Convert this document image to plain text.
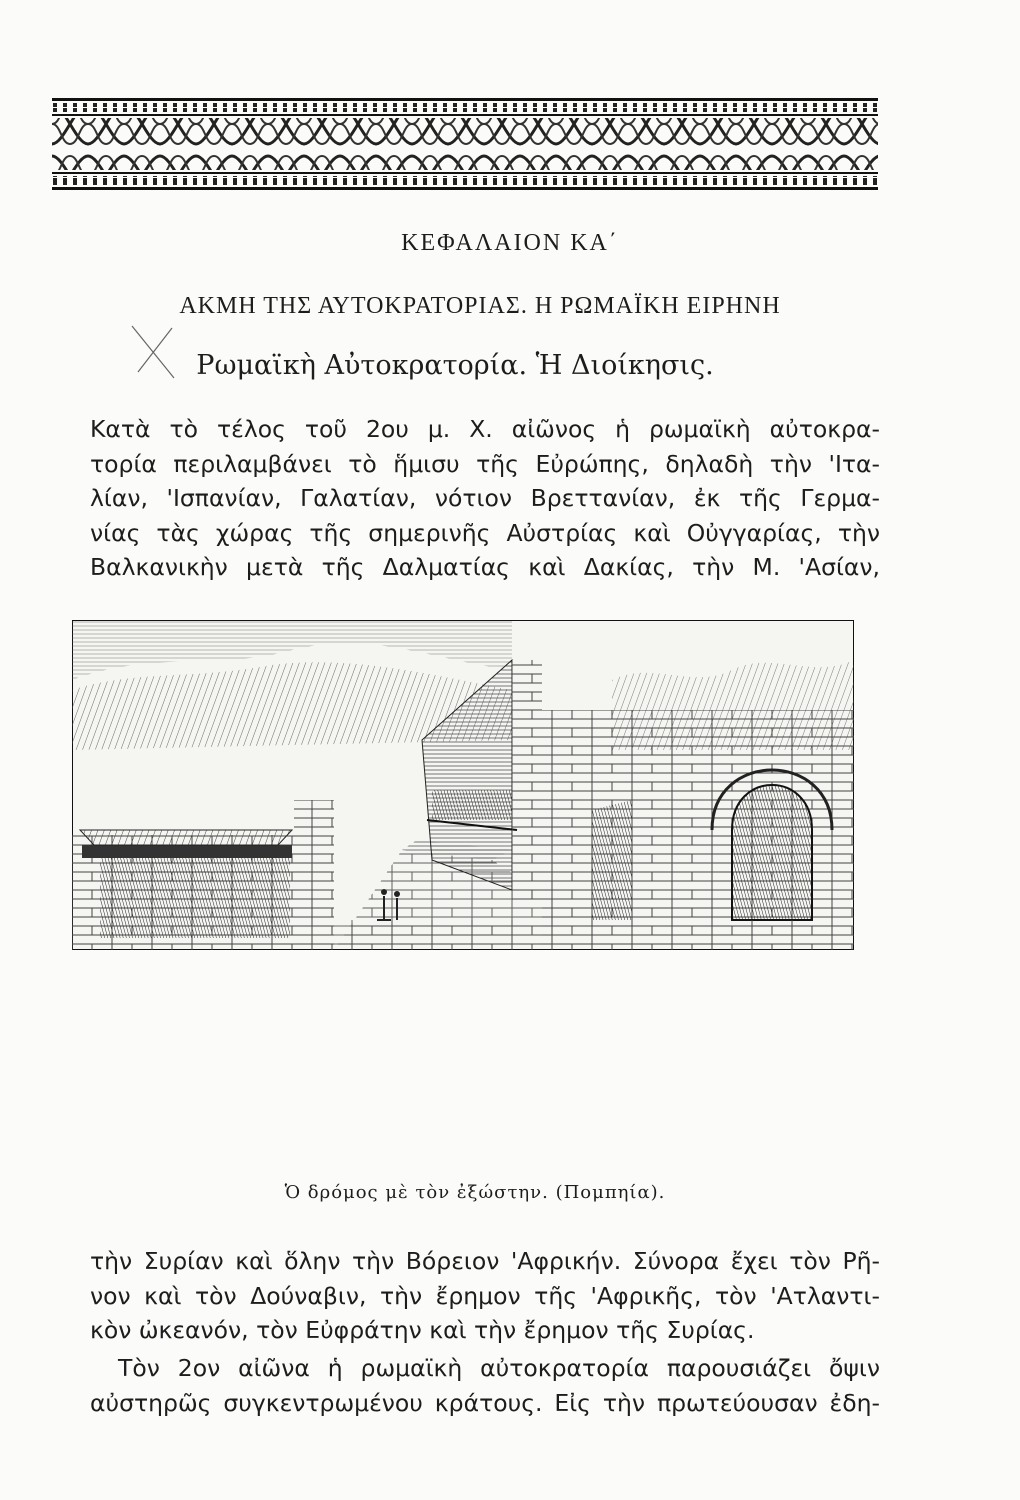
ΚΕΦΑΛΑΙΟΝ ΚΑ΄
ΑΚΜΗ ΤΗΣ ΑΥΤΟΚΡΑΤΟΡΙΑΣ. Η ΡΩΜΑΪΚΗ ΕΙΡΗΝΗ
Ρωμαϊκὴ Αὐτοκρατορία. Ἡ Διοίκησις.
Κατὰ τὸ τέλος τοῦ 2ου μ. Χ. αἰῶνος ἡ ρωμαϊκὴ αὐτοκρα-
τορία περιλαμβάνει τὸ ἥμισυ τῆς Εὐρώπης, δηλαδὴ τὴν 'Ιτα-
λίαν, 'Ισπανίαν, Γαλατίαν, νότιον Βρεττανίαν, ἐκ τῆς Γερμα-
νίας τὰς χώρας τῆς σημερινῆς Αὐστρίας καὶ Οὐγγαρίας, τὴν
Βαλκανικὴν μετὰ τῆς Δαλματίας καὶ Δακίας, τὴν Μ. 'Ασίαν,
Ὁ δρόμος μὲ τὸν ἐξώστην. (Πομπηία).
τὴν Συρίαν καὶ ὅλην τὴν Βόρειον 'Αφρικήν. Σύνορα ἔχει τὸν Ρῆ-
νον καὶ τὸν Δούναβιν, τὴν ἔρημον τῆς 'Αφρικῆς, τὸν 'Ατλαντι-
κὸν ὠκεανόν, τὸν Εὐφράτην καὶ τὴν ἔρημον τῆς Συρίας.
Τὸν 2ον αἰῶνα ἡ ρωμαϊκὴ αὐτοκρατορία παρουσιάζει ὄψιν
αὐστηρῶς συγκεντρωμένου κράτους. Εἰς τὴν πρωτεύουσαν ἐδη-
